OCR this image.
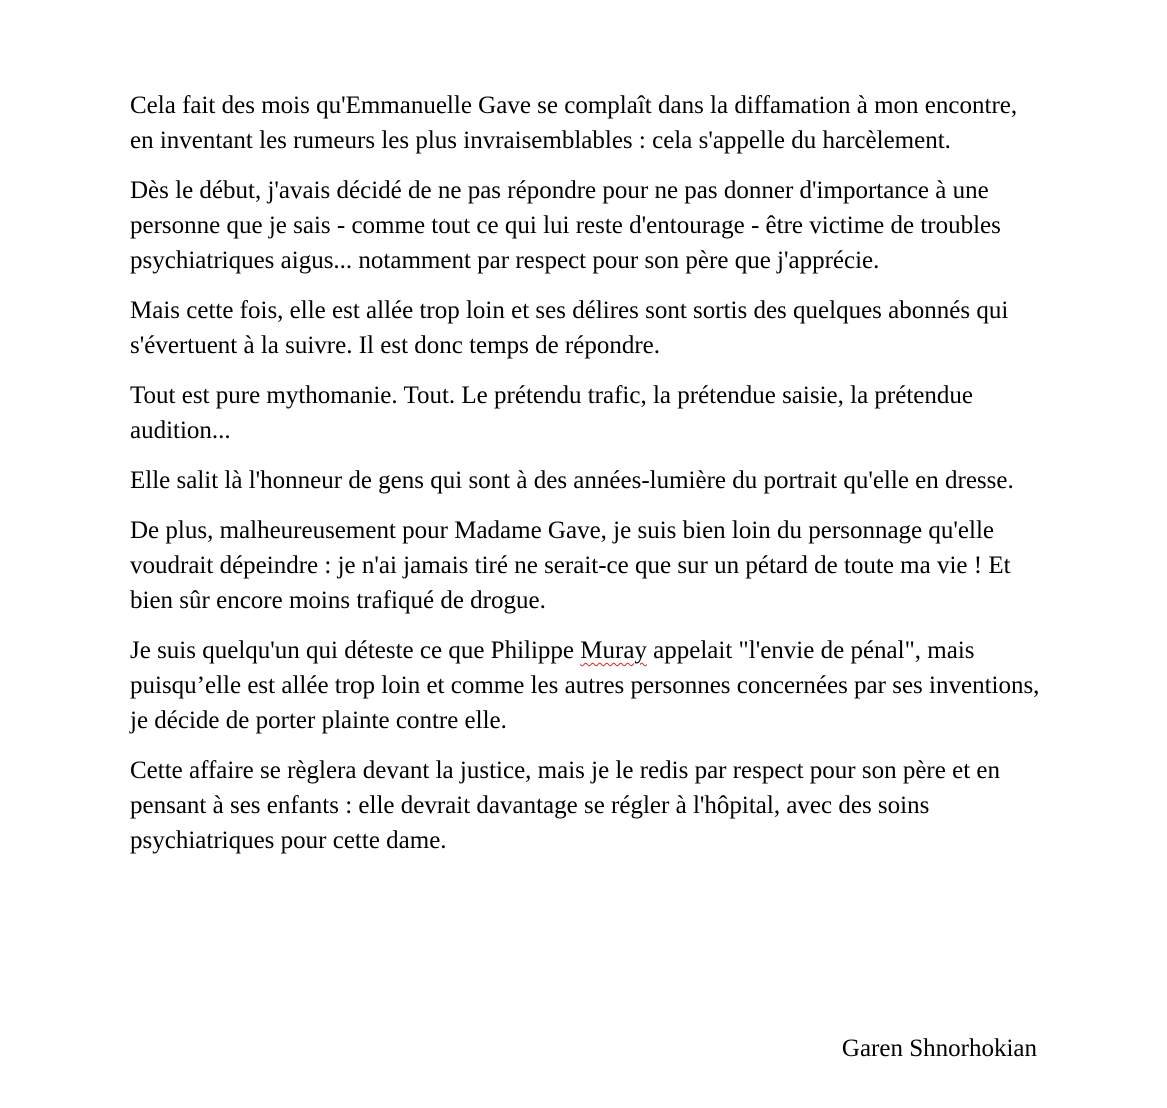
Cela fait des mois qu'Emmanuelle Gave se complaît dans la diffamation à mon encontre, en inventant les rumeurs les plus invraisemblables : cela s'appelle du harcèlement.

Dès le début, j'avais décidé de ne pas répondre pour ne pas donner d'importance à une personne que je sais - comme tout ce qui lui reste d'entourage - être victime de troubles psychiatriques aigus... notamment par respect pour son père que j'apprécie.

Mais cette fois, elle est allée trop loin et ses délires sont sortis des quelques abonnés qui s'évertuent à la suivre. Il est donc temps de répondre.

Tout est pure mythomanie. Tout. Le prétendu trafic, la prétendue saisie, la prétendue audition...

Elle salit là l'honneur de gens qui sont à des années-lumière du portrait qu'elle en dresse.

De plus, malheureusement pour Madame Gave, je suis bien loin du personnage qu'elle voudrait dépeindre : je n'ai jamais tiré ne serait-ce que sur un pétard de toute ma vie ! Et bien sûr encore moins trafiqué de drogue.

Je suis quelqu'un qui déteste ce que Philippe Muray appelait "l'envie de pénal", mais puisqu’elle est allée trop loin et comme les autres personnes concernées par ses inventions, je décide de porter plainte contre elle.

Cette affaire se règlera devant la justice, mais je le redis par respect pour son père et en pensant à ses enfants : elle devrait davantage se régler à l'hôpital, avec des soins psychiatriques pour cette dame.

Garen Shnorhokian
